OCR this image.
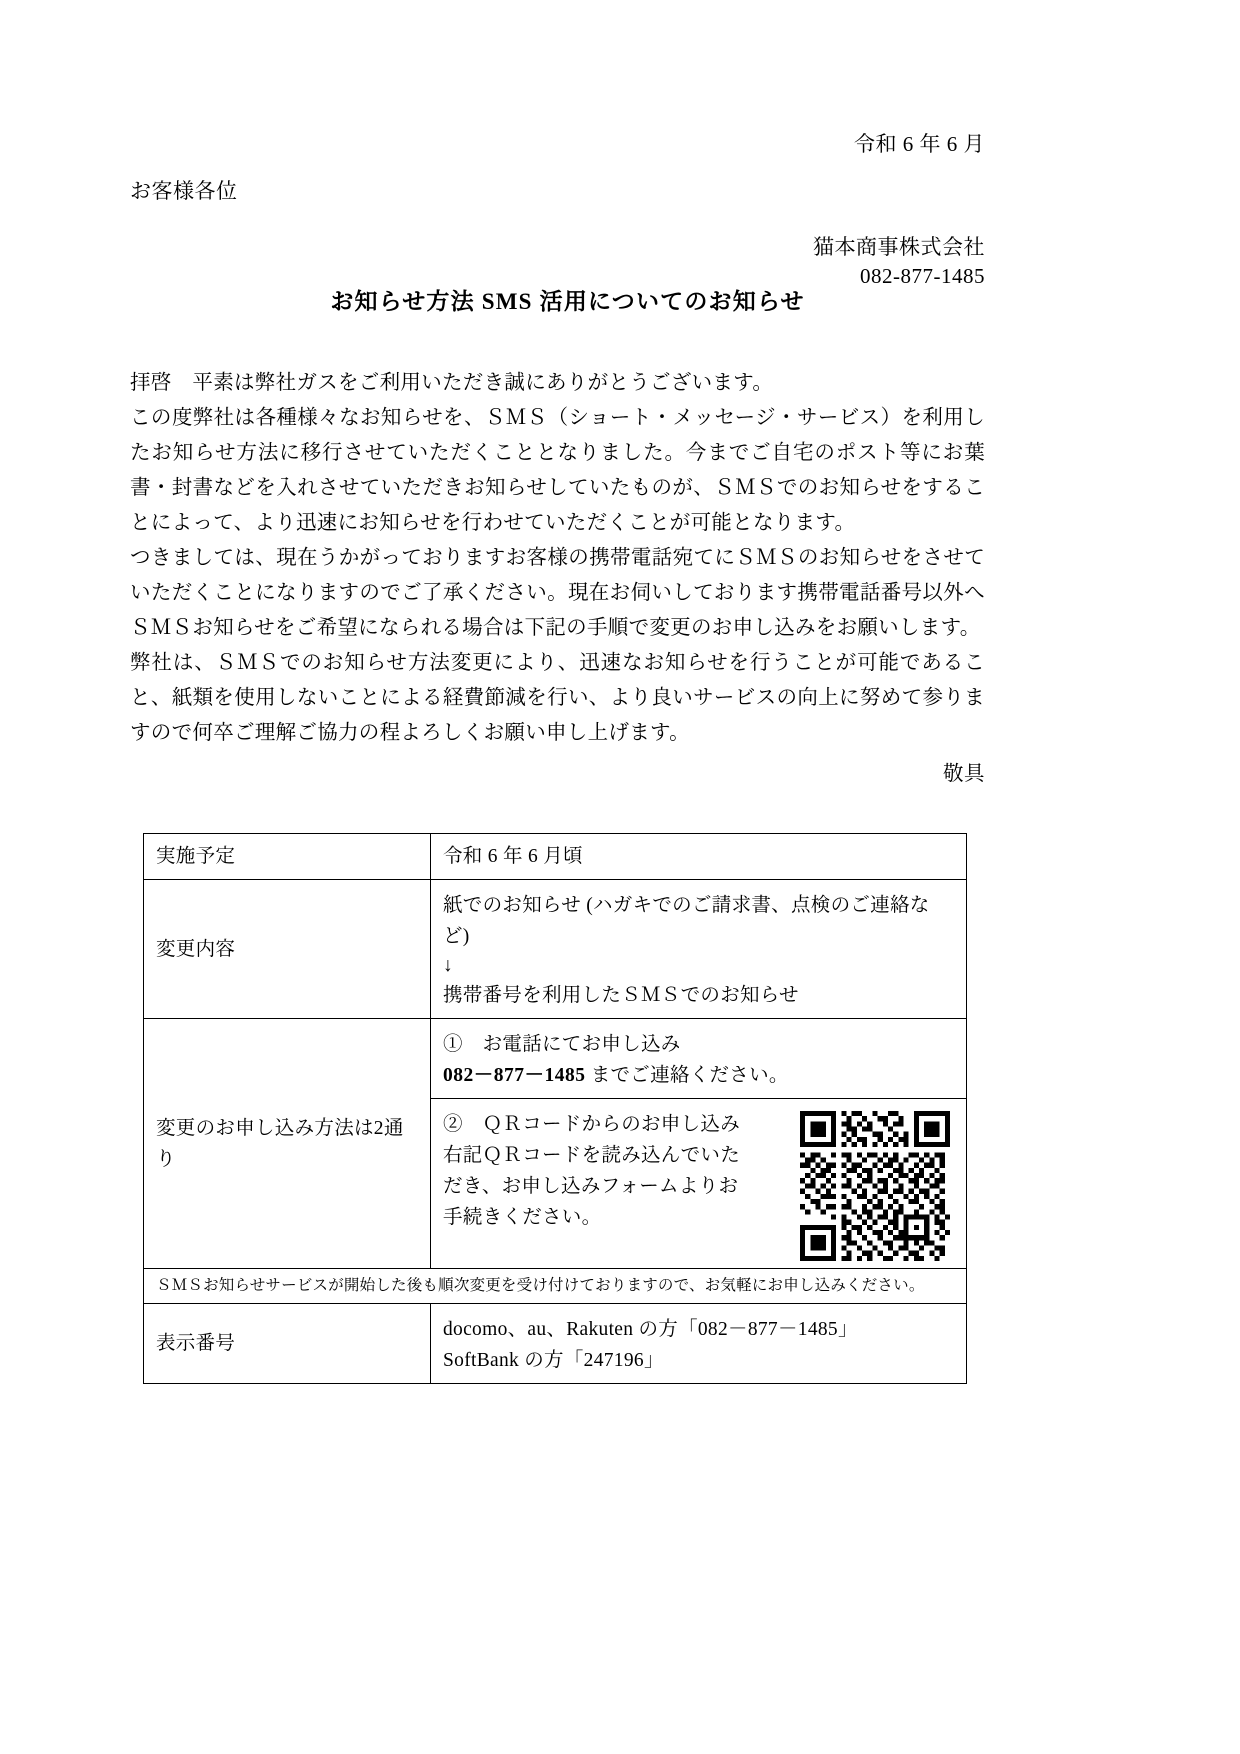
令和 6 年 6 月
お客様各位
猫本商事株式会社
082-877-1485
お知らせ方法 SMS 活用についてのお知らせ

拝啓　平素は弊社ガスをご利用いただき誠にありがとうございます。

この度弊社は各種様々なお知らせを、ＳＭＳ（ショート・メッセージ・サービス）を利用したお知らせ方法に移行させていただくこととなりました。今までご自宅のポスト等にお葉書・封書などを入れさせていただきお知らせしていたものが、ＳＭＳでのお知らせをすることによって、より迅速にお知らせを行わせていただくことが可能となります。

つきましては、現在うかがっておりますお客様の携帯電話宛てにＳＭＳのお知らせをさせていただくことになりますのでご了承ください。現在お伺いしております携帯電話番号以外へＳＭＳお知らせをご希望になられる場合は下記の手順で変更のお申し込みをお願いします。

弊社は、ＳＭＳでのお知らせ方法変更により、迅速なお知らせを行うことが可能であること、紙類を使用しないことによる経費節減を行い、より良いサービスの向上に努めて参りますので何卒ご理解ご協力の程よろしくお願い申し上げます。

敬具
実施予定	令和 6 年 6 月頃
変更内容	紙でのお知らせ (ハガキでのご請求書、点検のご連絡など)
↓
携帯番号を利用したＳＭＳでのお知らせ

変更のお申し込み方法は2通り	①　お電話にてお申し込み
082－877－1485 までご連絡ください。

	②　ＱＲコードからのお申し込み
右記ＱＲコードを読み込んでいた
だき、お申し込みフォームよりお
手続きください。

ＳＭＳお知らせサービスが開始した後も順次変更を受け付けておりますので、お気軽にお申し込みください。	
表示番号	docomo、au、Rakuten の方「082－877－1485」
SoftBank の方「247196」
